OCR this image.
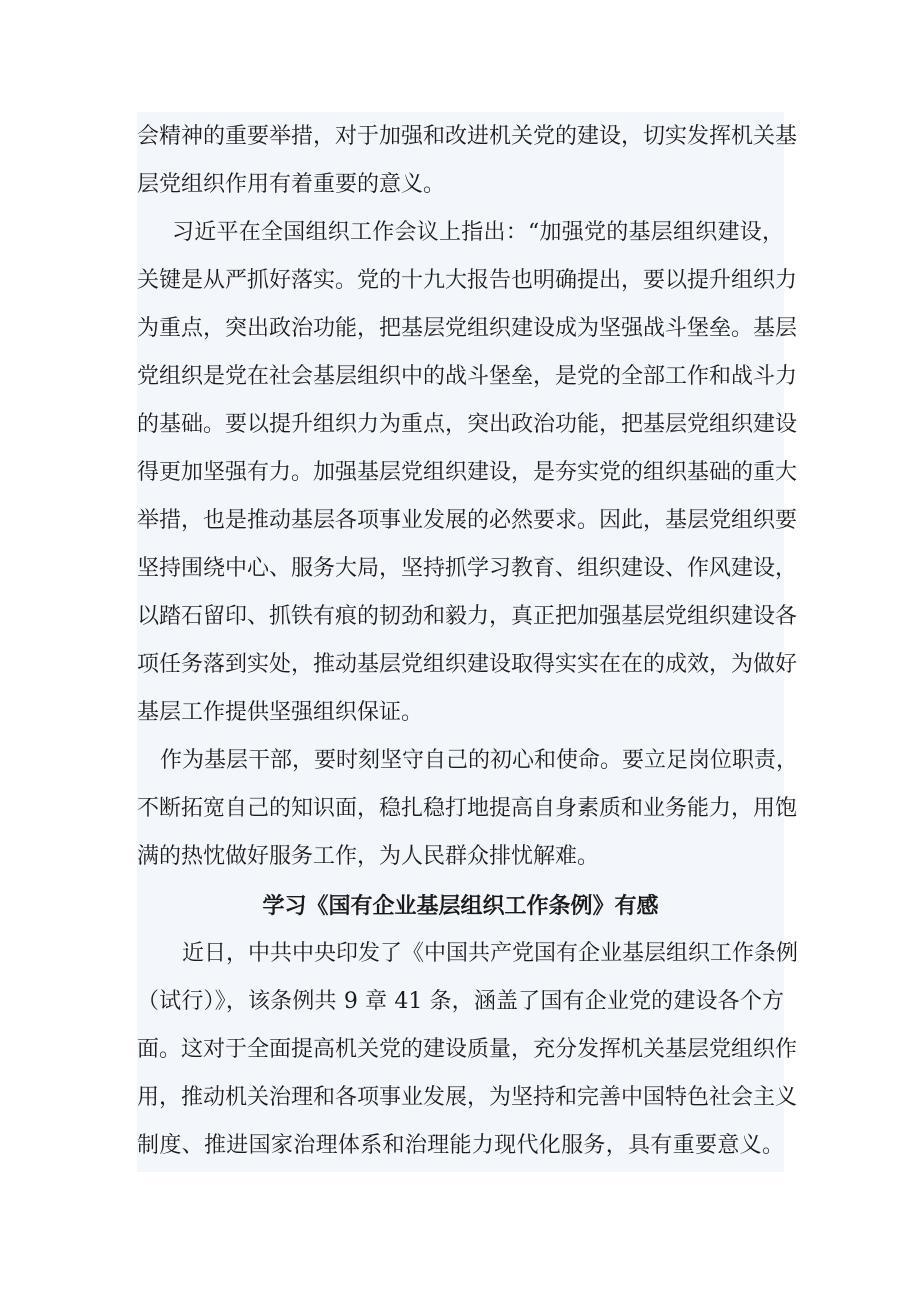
会精神的重要举措，对于加强和改进机关党的建设，切实发挥机关基
层党组织作用有着重要的意义。
习近平在全国组织工作会议上指出：“加强党的基层组织建设，
关键是从严抓好落实。党的十九大报告也明确提出，要以提升组织力
为重点，突出政治功能，把基层党组织建设成为坚强战斗堡垒。基层
党组织是党在社会基层组织中的战斗堡垒，是党的全部工作和战斗力
的基础。要以提升组织力为重点，突出政治功能，把基层党组织建设
得更加坚强有力。加强基层党组织建设，是夯实党的组织基础的重大
举措，也是推动基层各项事业发展的必然要求。因此，基层党组织要
坚持围绕中心、服务大局，坚持抓学习教育、组织建设、作风建设，
以踏石留印、抓铁有痕的韧劲和毅力，真正把加强基层党组织建设各
项任务落到实处，推动基层党组织建设取得实实在在的成效，为做好
基层工作提供坚强组织保证。
作为基层干部，要时刻坚守自己的初心和使命。要立足岗位职责，
不断拓宽自己的知识面，稳扎稳打地提高自身素质和业务能力，用饱
满的热忱做好服务工作，为人民群众排忧解难。
学习《国有企业基层组织工作条例》有感
近日，中共中央印发了《中国共产党国有企业基层组织工作条例
（试行）》，该条例共 9 章 41 条，涵盖了国有企业党的建设各个方
面。这对于全面提高机关党的建设质量，充分发挥机关基层党组织作
用，推动机关治理和各项事业发展，为坚持和完善中国特色社会主义
制度、推进国家治理体系和治理能力现代化服务，具有重要意义。
